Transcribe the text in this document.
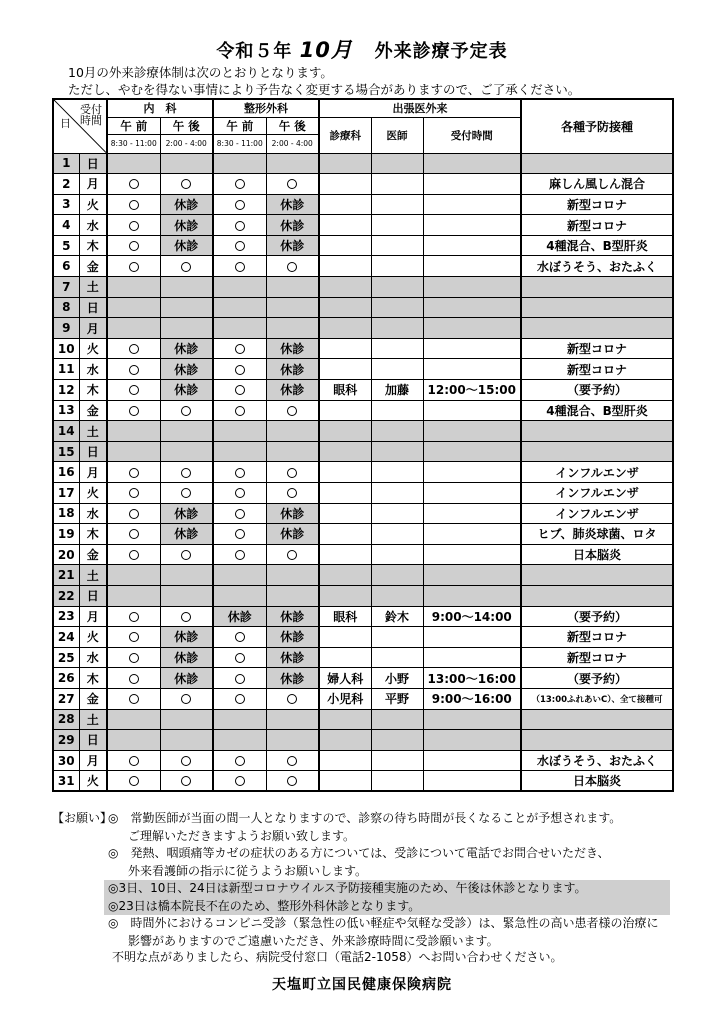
令和５年 10月 外来診療予定表
10月の外来診療体制は次のとおりとなります。
ただし、やむを得ない事情により予告なく変更する場合がありますので、ご了承ください。
受付
時間
日		内　科		整形外科		出張医外来			各種予防接種
		午 前	午 後	午 前	午 後	診療科	医師	受付時間	
		8:30 - 11:00	2:00 - 4:00	8:30 - 11:00	2:00 - 4:00				
1	日								
2	月								麻しん風しん混合
3	火		休診		休診				新型コロナ
4	水		休診		休診				新型コロナ
5	木		休診		休診				4種混合、B型肝炎
6	金								水ぼうそう、おたふく
7	土								
8	日								
9	月								
10	火		休診		休診				新型コロナ
11	水		休診		休診				新型コロナ
12	木		休診		休診	眼科	加藤	12:00～15:00	（要予約）
13	金								4種混合、B型肝炎
14	土								
15	日								
16	月								インフルエンザ
17	火								インフルエンザ
18	水		休診		休診				インフルエンザ
19	木		休診		休診				ヒブ、肺炎球菌、ロタ
20	金								日本脳炎
21	土								
22	日								
23	月			休診	休診	眼科	鈴木	9:00～14:00	（要予約）
24	火		休診		休診				新型コロナ
25	水		休診		休診				新型コロナ
26	木		休診		休診	婦人科	小野	13:00～16:00	（要予約）
27	金					小児科	平野	9:00～16:00	（13:00ふれあいC）、全て接種可
28	土								
29	日								
30	月								水ぼうそう、おたふく
31	火								日本脳炎
【お願い】
◎　常勤医師が当面の間一人となりますので、診察の待ち時間が長くなることが予想されます。
ご理解いただきますようお願い致します。
◎　発熱、咽頭痛等カゼの症状のある方については、受診について電話でお問合せいただき、
外来看護師の指示に従うようお願いします。
◎3日、10日、24日は新型コロナウイルス予防接種実施のため、午後は休診となります。
◎23日は橋本院長不在のため、整形外科休診となります。
◎　時間外におけるコンビニ受診（緊急性の低い軽症や気軽な受診）は、緊急性の高い患者様の治療に
影響がありますのでご遠慮いただき、外来診療時間に受診願います。
不明な点がありましたら、病院受付窓口（電話2-1058）へお問い合わせください。
天塩町立国民健康保険病院
